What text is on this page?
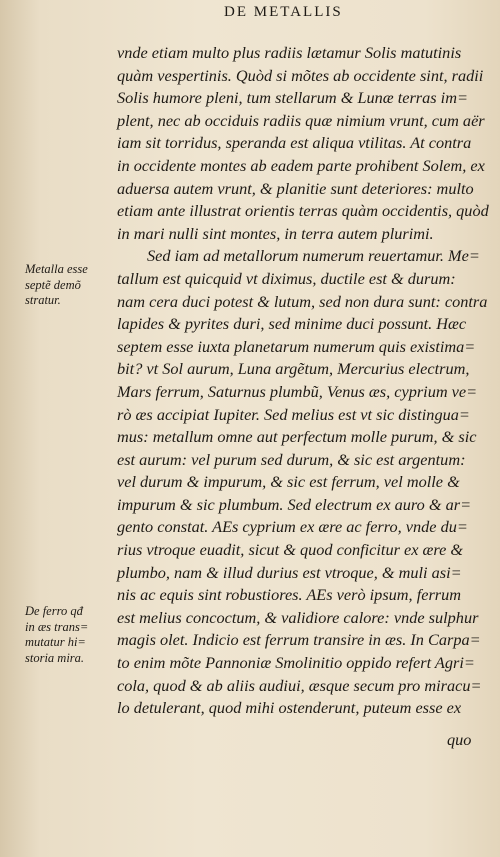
DE METALLIS
vnde etiam multo plus radiis lætamur Solis matutinis
quàm vespertinis. Quòd si mõtes ab occidente sint, radii
Solis humore pleni, tum stellarum & Lunæ terras im=
plent, nec ab occiduis radiis quæ nimium vrunt, cum aër
iam sit torridus, speranda est aliqua vtilitas. At contra
in occidente montes ab eadem parte prohibent Solem, ex
aduersa autem vrunt, & planitie sunt deteriores: multo
etiam ante illustrat orientis terras quàm occidentis, quòd
in mari nulli sint montes, in terra autem plurimi.
Sed iam ad metallorum numerum reuertamur. Me=
tallum est quicquid vt diximus, ductile est & durum:
nam cera duci potest & lutum, sed non dura sunt: contra
lapides & pyrites duri, sed minime duci possunt. Hæc
septem esse iuxta planetarum numerum quis existima=
bit? vt Sol aurum, Luna argẽtum, Mercurius electrum,
Mars ferrum, Saturnus plumbũ, Venus æs, cyprium ve=
rò æs accipiat Iupiter. Sed melius est vt sic distingua=
mus: metallum omne aut perfectum molle purum, & sic
est aurum: vel purum sed durum, & sic est argentum:
vel durum & impurum, & sic est ferrum, vel molle &
impurum & sic plumbum. Sed electrum ex auro & ar=
gento constat. AEs cyprium ex ære ac ferro, vnde du=
rius vtroque euadit, sicut & quod conficitur ex ære &
plumbo, nam & illud durius est vtroque, & muli asi=
nis ac equis sint robustiores. AEs verò ipsum, ferrum
est melius concoctum, & validiore calore: vnde sulphur
magis olet. Indicio est ferrum transire in æs. In Carpa=
to enim mõte Pannoniæ Smolinitio oppido refert Agri=
cola, quod & ab aliis audiui, æsque secum pro miracu=
lo detulerant, quod mihi ostenderunt, puteum esse ex
quo
Metalla esse
septẽ demõ
stratur.
De ferro qđ
in æs trans=
mutatur hi=
storia mira.
